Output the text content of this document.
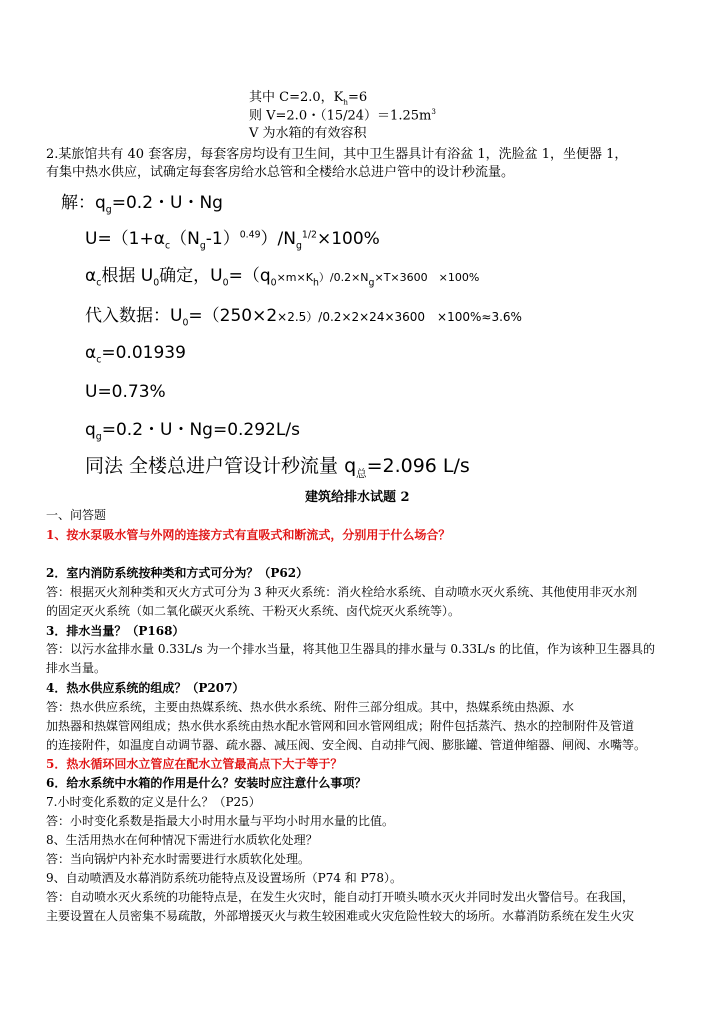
其中 C=2.0，$K_h=6$
则 V=2.0・$(15/24)=1.25m^3$
V 为水箱的有效容积
2.某旅馆共有 40 套客房，每套客房均设有卫生间，其中卫生器具计有浴盆 1，洗脸盆 1，坐便器 1，
有集中热水供应，试确定每套客房给水总管和全楼给水总进户管中的设计秒流量。
解：$q_g=0.2$・U・Ng
$U=(1+\alpha_c(N_g-1)^{0.49})/N_g^{1/2}\times 100\%$
$\alpha_c$根据 $U_0$确定，$U_0=(q_0\times m\times K_h)/0.2\times N_g\times T\times 3600$　×100%
代入数据：$U_0=(250\times 2\times 2.5)/0.2\times 2\times 24\times 3600$　×100%≈3.6%
$\alpha_c=0.01939$
U=0.73%
$q_g=0.2$・U・Ng=0.292L/s
同法 全楼总进户管设计秒流量 $q_总=2.096$ L/s
建筑给排水试题 2
一、问答题
1、按水泵吸水管与外网的连接方式有直吸式和断流式，分别用于什么场合？
2．室内消防系统按种类和方式可分为？（P62）
答：根据灭火剂种类和灭火方式可分为 3 种灭火系统：消火栓给水系统、自动喷水灭火系统、其他使用非灭水剂
的固定灭火系统（如二氧化碳灭火系统、干粉灭火系统、卤代烷灭火系统等）。
3．排水当量？（P168）
答：以污水盆排水量 0.33L/s 为一个排水当量，将其他卫生器具的排水量与 0.33L/s 的比值，作为该种卫生器具的
排水当量。
4．热水供应系统的组成？（P207）
答：热水供应系统，主要由热媒系统、热水供水系统、附件三部分组成。其中，热媒系统由热源、水
加热器和热媒管网组成；热水供水系统由热水配水管网和回水管网组成；附件包括蒸汽、热水的控制附件及管道
的连接附件，如温度自动调节器、疏水器、减压阀、安全阀、自动排气阀、膨胀罐、管道伸缩器、闸阀、水嘴等。
5．热水循环回水立管应在配水立管最高点下大于等于？
6．给水系统中水箱的作用是什么？安装时应注意什么事项？
7.小时变化系数的定义是什么？（P25）
答：小时变化系数是指最大小时用水量与平均小时用水量的比值。
8、生活用热水在何种情况下需进行水质软化处理？
答：当向锅炉内补充水时需要进行水质软化处理。
9、自动喷洒及水幕消防系统功能特点及设置场所（P74 和 P78）。
答：自动喷水灭火系统的功能特点是，在发生火灾时，能自动打开喷头喷水灭火并同时发出火警信号。在我国，
主要设置在人员密集不易疏散，外部增援灭火与救生较困难或火灾危险性较大的场所。水幕消防系统在发生火灾
